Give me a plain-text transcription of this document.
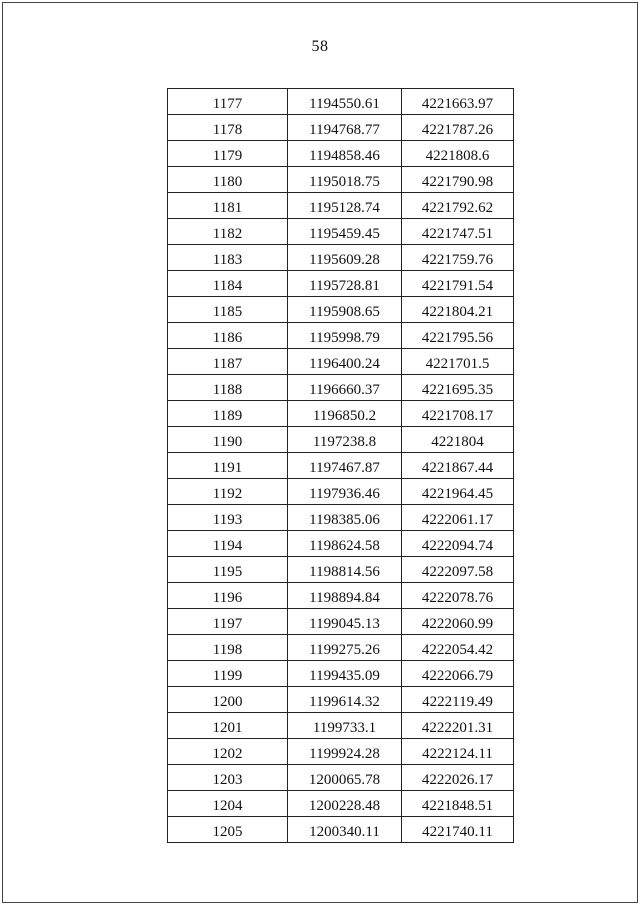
58
1177	1194550.61	4221663.97
1178	1194768.77	4221787.26
1179	1194858.46	4221808.6
1180	1195018.75	4221790.98
1181	1195128.74	4221792.62
1182	1195459.45	4221747.51
1183	1195609.28	4221759.76
1184	1195728.81	4221791.54
1185	1195908.65	4221804.21
1186	1195998.79	4221795.56
1187	1196400.24	4221701.5
1188	1196660.37	4221695.35
1189	1196850.2	4221708.17
1190	1197238.8	4221804
1191	1197467.87	4221867.44
1192	1197936.46	4221964.45
1193	1198385.06	4222061.17
1194	1198624.58	4222094.74
1195	1198814.56	4222097.58
1196	1198894.84	4222078.76
1197	1199045.13	4222060.99
1198	1199275.26	4222054.42
1199	1199435.09	4222066.79
1200	1199614.32	4222119.49
1201	1199733.1	4222201.31
1202	1199924.28	4222124.11
1203	1200065.78	4222026.17
1204	1200228.48	4221848.51
1205	1200340.11	4221740.11
